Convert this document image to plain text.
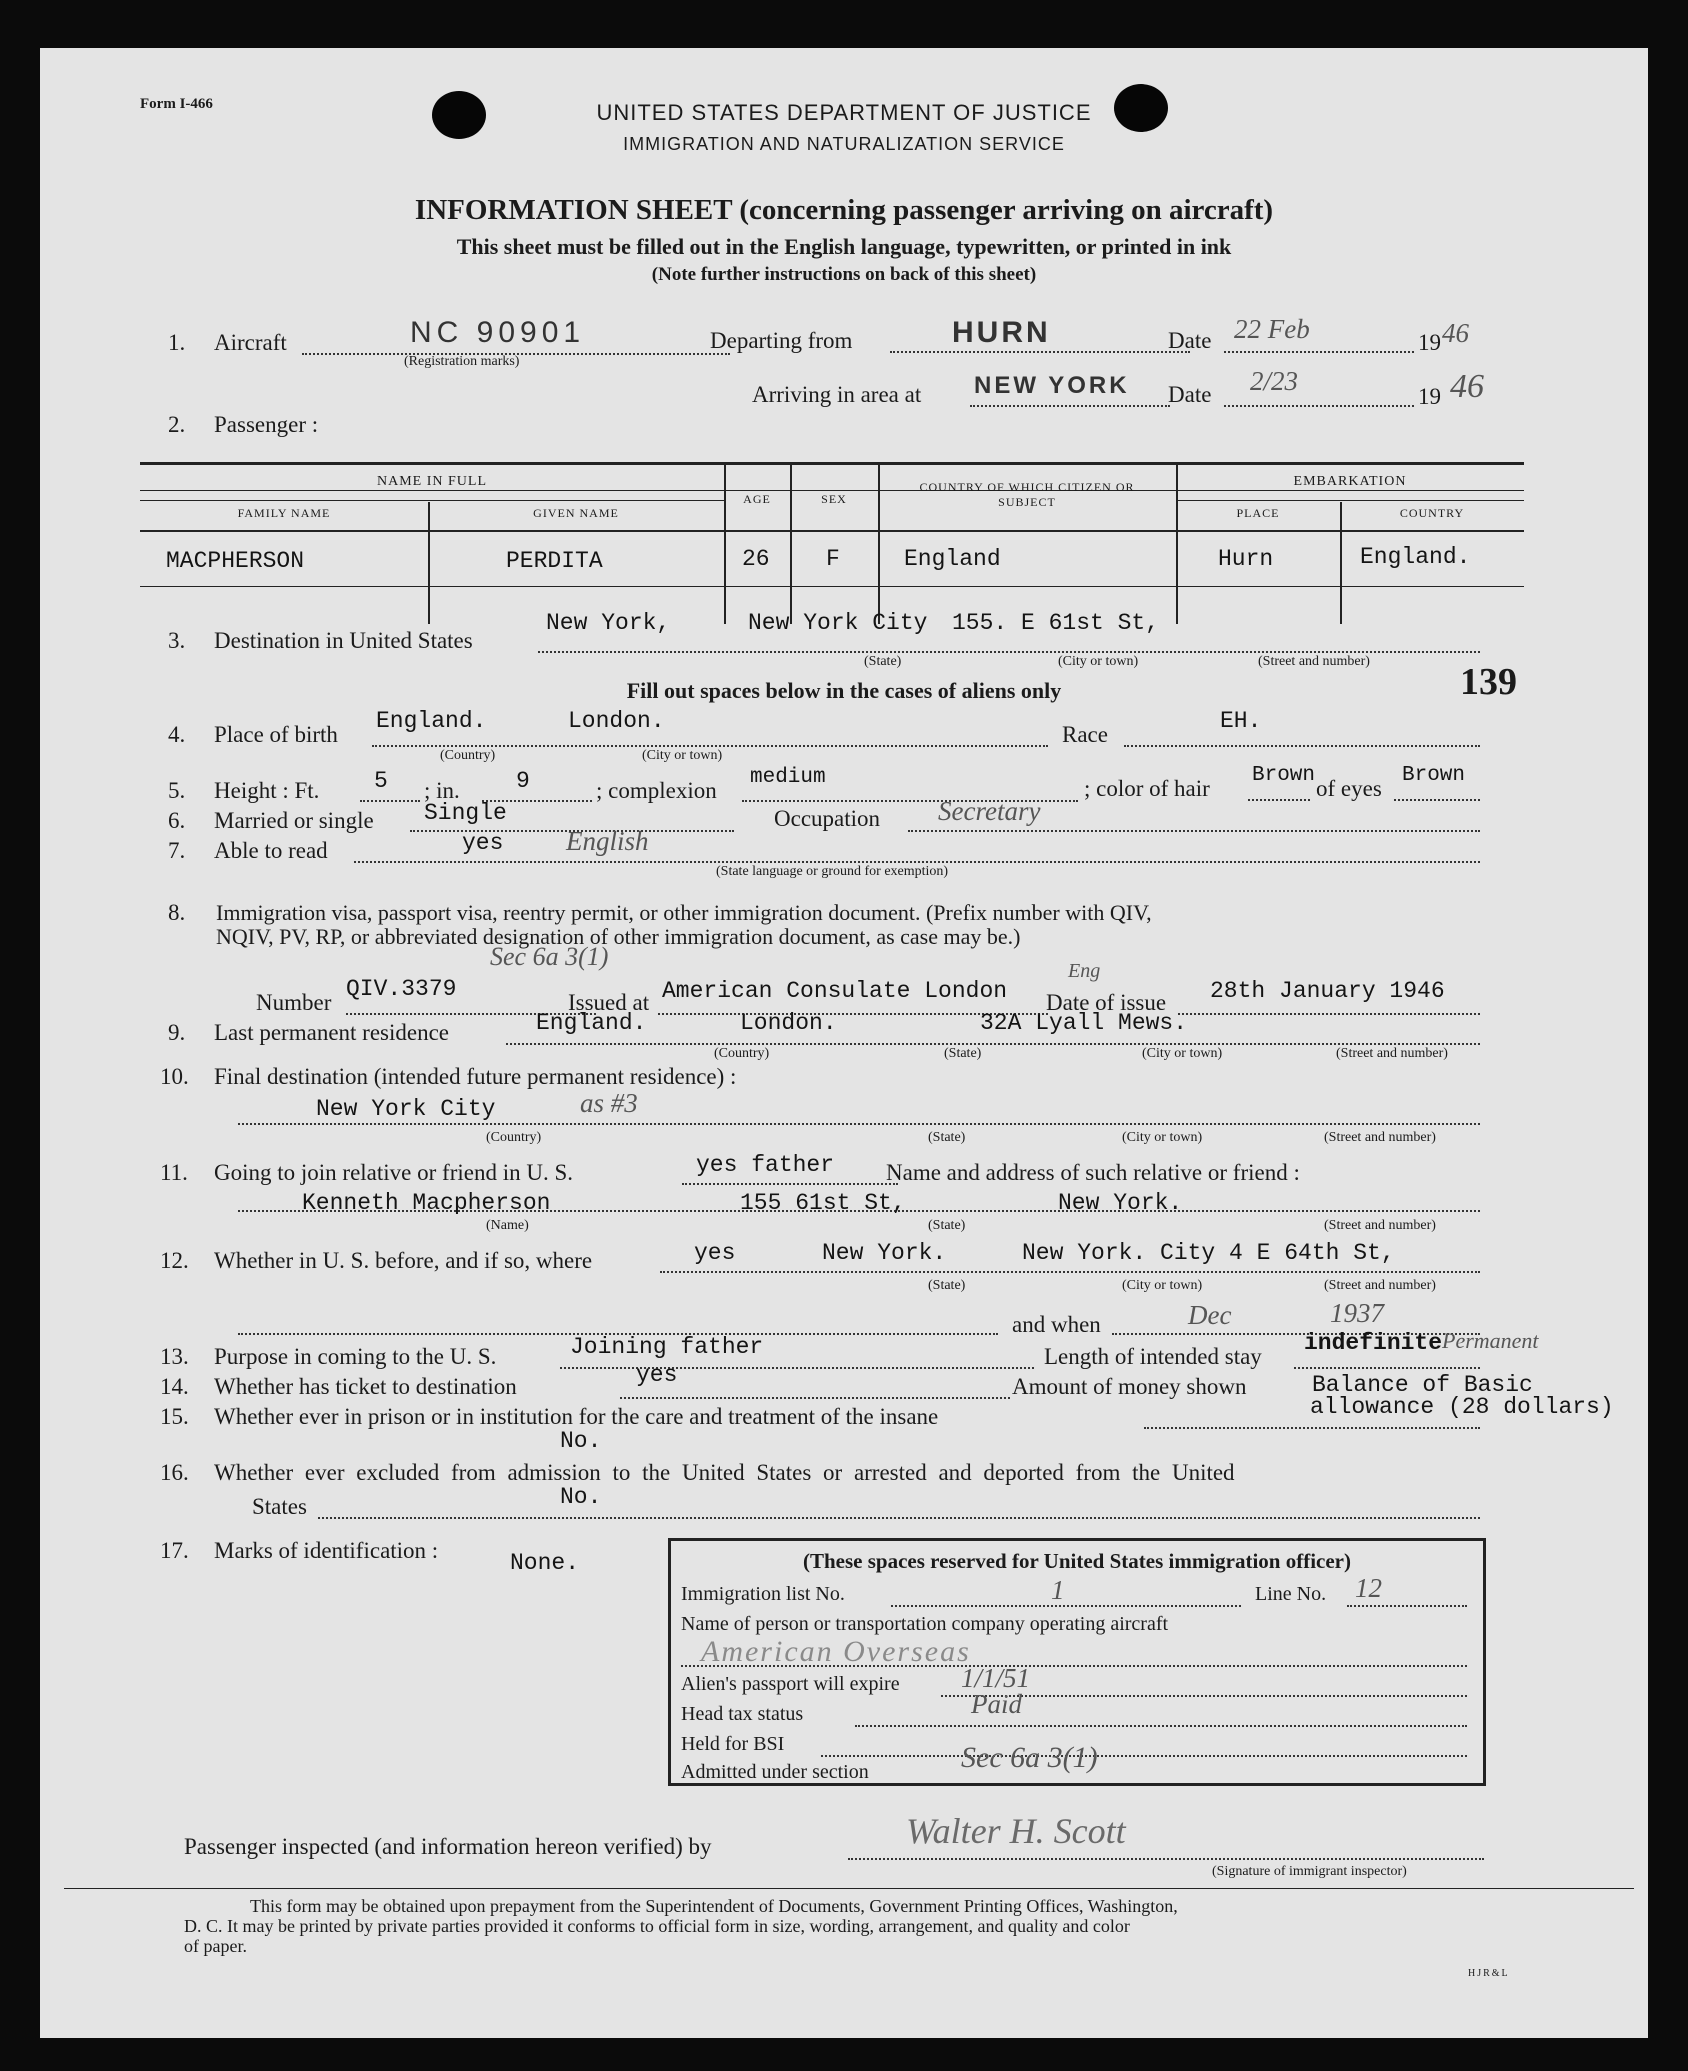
Form I-466	UNITED STATES DEPARTMENT OF JUSTICE
IMMIGRATION AND NATURALIZATION SERVICE
INFORMATION SHEET (concerning passenger arriving on aircraft)
This sheet must be filled out in the English language, typewritten, or printed in ink
(Note further instructions on back of this sheet)
1. Aircraft	NC 90901
(Registration marks)
Departing from	HURN	Date 22 Feb	19 46
Arriving in area at NEW YORK Date 2/23
19 46
2. Passenger :
NAME IN FULL
FAMILY NAME	GIVEN NAME
AGE	SEX
COUNTRY OF WHICH CITIZEN OR SUBJECT
EMBARKATION
PLACE	COUNTRY
MACPHERSON	PERDITA	26 F	England	Hurn	England.
3. Destination in United States
New York,	New York City 155. E 61st St,
(State)	(City or town)	(Street and number)
Fill out spaces below in the cases of aliens only	139
4. Place of birth
England.	London.
(Country)	(City or town)
Race
EH.
5. Height : Ft. 5 ; in. 9	; complexion
medium	; color of hair
Brown
of eyes
Brown
6. Married or single Single	Occupation Secretary
7. Able to read	yes English
(State language or ground for exemption)
8. Immigration visa, passport visa, reentry permit, or other immigration document. (Prefix number with QIV,
NQIV, PV, RP, or abbreviated designation of other immigration document, as case may be.)
Sec 6a 3(1)
Number
QIV.3379
Issued at American Consulate London
Eng
Date of issue 28th January 1946
9. Last permanent residence	England.	London.	32A Lyall Mews.
(Country)	(State)	(City or town)	(Street and number)
10. Final destination (intended future permanent residence) :
New York City	as #3
(Country)	(State)	(City or town)	(Street and number)
11. Going to join relative or friend in U. S.	yes father Name and address of such relative or friend :
Kenneth Macpherson	155 61st St,	New York.
(Name)	(State)	(Street and number)
12. Whether in U. S. before, and if so, where	yes	New York.	New York. City 4 E 64th St,
(State)	(City or town)	(Street and number)
and when	Dec	1937
13. Purpose in coming to the U. S.	Joining father	Length of intended stay
indefinite Permanent
14. Whether has ticket to destination	yes	Amount of money shown	Balance of Basic
allowance (28 dollars)
15. Whether ever in prison or in institution for the care and treatment of the insane
No.
16. Whether ever excluded from admission to the United States or arrested and deported from the United
States	No.
17. Marks of identification :	None.	(These spaces reserved for United States immigration officer)
Immigration list No.	1	Line No. 12
Name of person or transportation company operating aircraft
American Overseas
Alien's passport will expire 1/1/51
Head tax status	Paid
Held for BSI
Admitted under section	Sec 6a 3(1)
Passenger inspected (and information hereon verified) by	Walter H. Scott
(Signature of immigrant inspector)
This form may be obtained upon prepayment from the Superintendent of Documents, Government Printing Offices, Washington,
D. C. It may be printed by private parties provided it conforms to official form in size, wording, arrangement, and quality and color
of paper.
HJR&L
